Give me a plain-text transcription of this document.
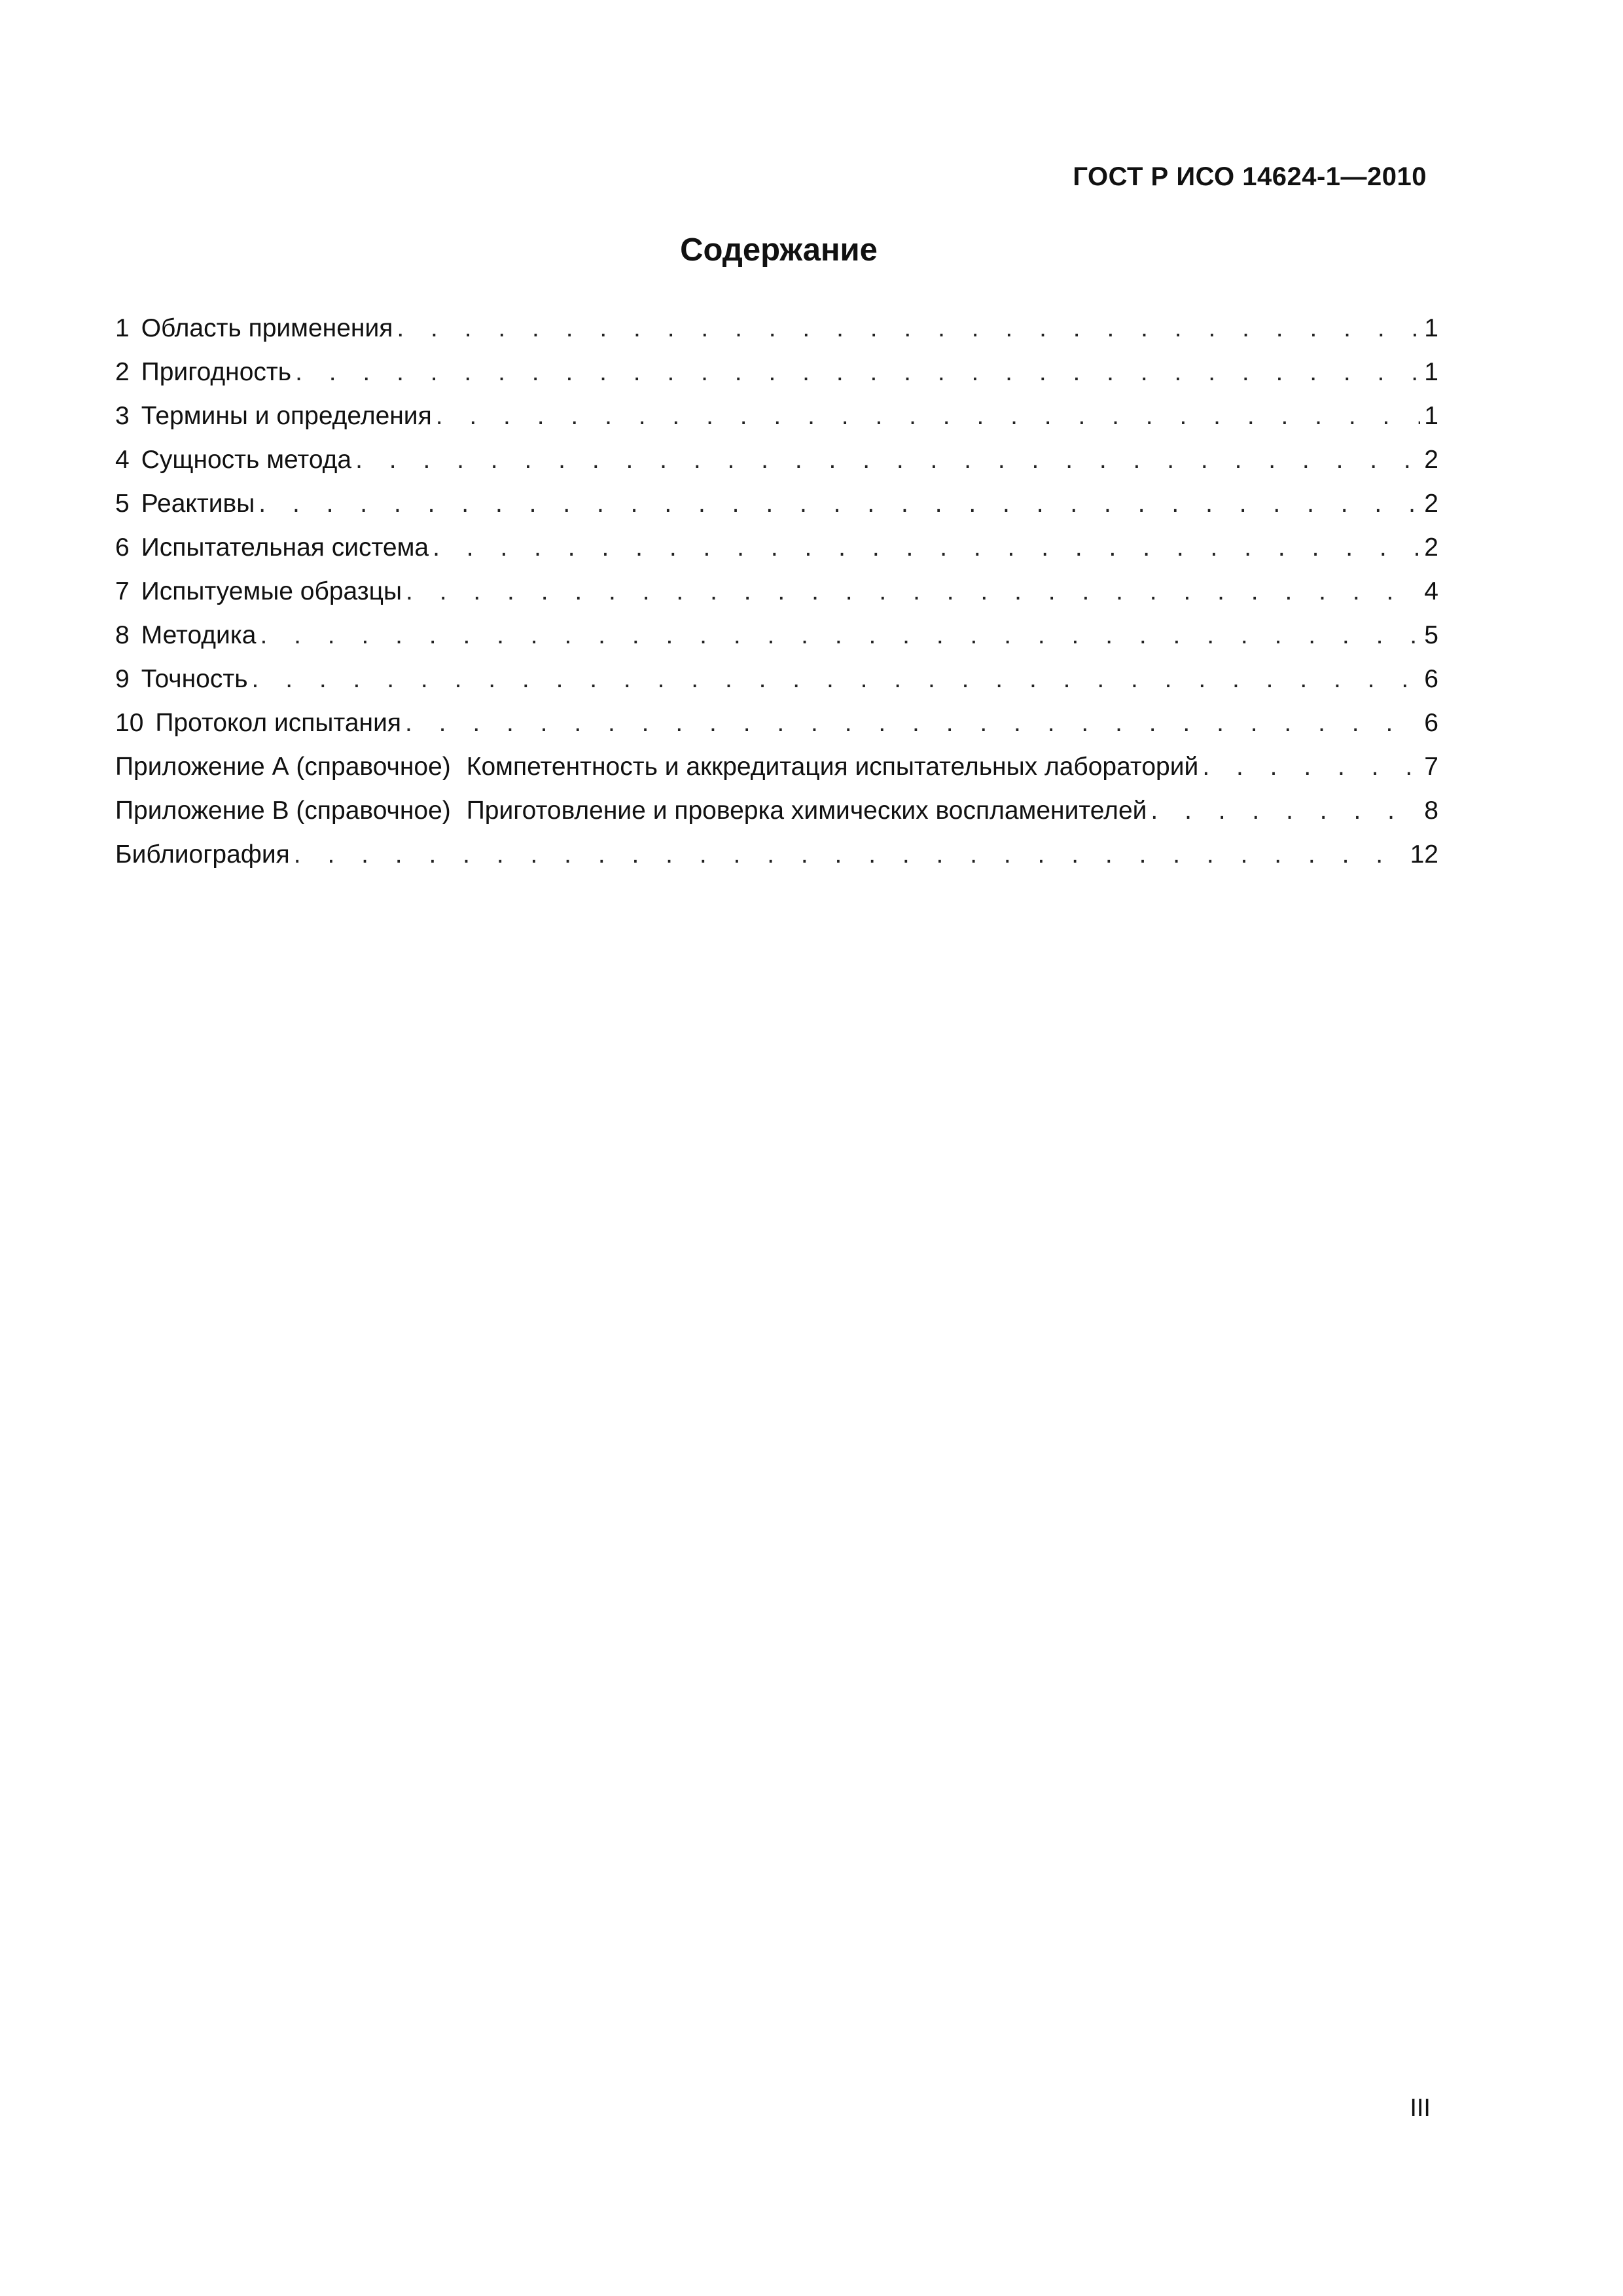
ГОСТ Р ИСО 14624-1—2010
Содержание
1 Область применения . . .	1
2 Пригодность . . .	1
3 Термины и определения . . .	1
4 Сущность метода . . .	2
5 Реактивы . . .	2
6 Испытательная система . . .	2
7 Испытуемые образцы . . .	4
8 Методика . . .	5
9 Точность . . .	6
10 Протокол испытания . . .	6
Приложение А (справочное) Компетентность и аккредитация испытательных лабораторий . . .	7
Приложение В (справочное) Приготовление и проверка химических воспламенителей . . .	8
Библиография . . .	12
III
